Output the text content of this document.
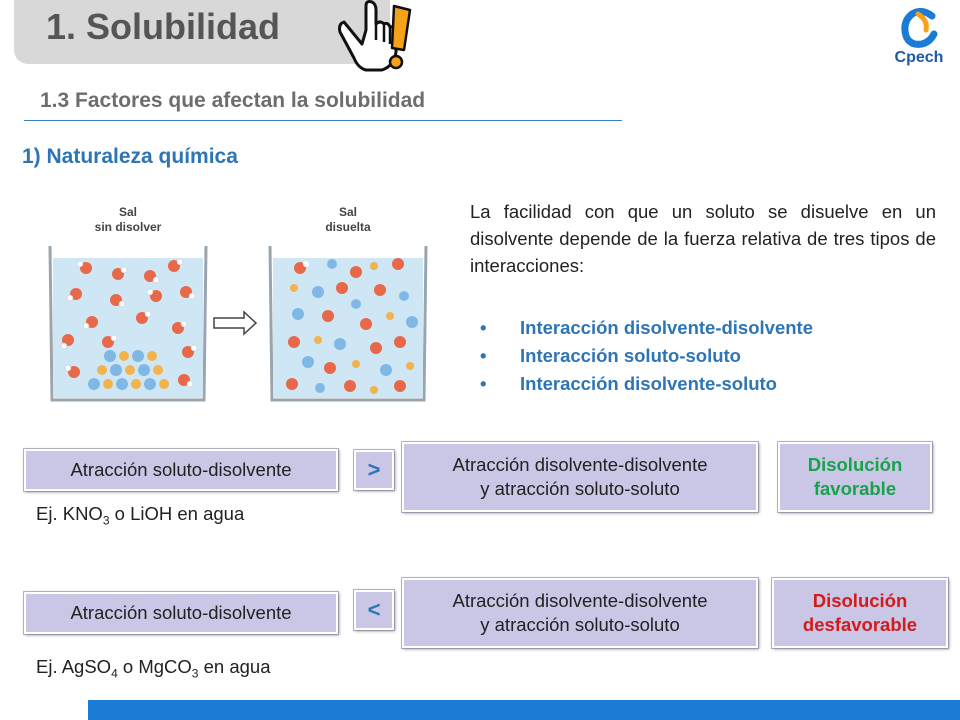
1. Solubilidad
Cpech
1.3 Factores que afectan la solubilidad
1) Naturaleza química
Sal
sin disolver
Sal
disuelta
La facilidad con que un soluto se disuelve en un disolvente depende de la fuerza relativa de tres tipos de interacciones:
• Interacción disolvente-disolvente
• Interacción soluto-soluto
• Interacción disolvente-soluto
Atracción soluto-disolvente	>	Atracción disolvente-disolvente
y atracción soluto-soluto
Disolución
favorable
Ej. $KNO_3$ o LiOH en agua
Atracción soluto-disolvente	<	Atracción disolvente-disolvente
y atracción soluto-soluto
Disolución
desfavorable
Ej. AgSO$_4$ o MgCO$_3$ en agua
